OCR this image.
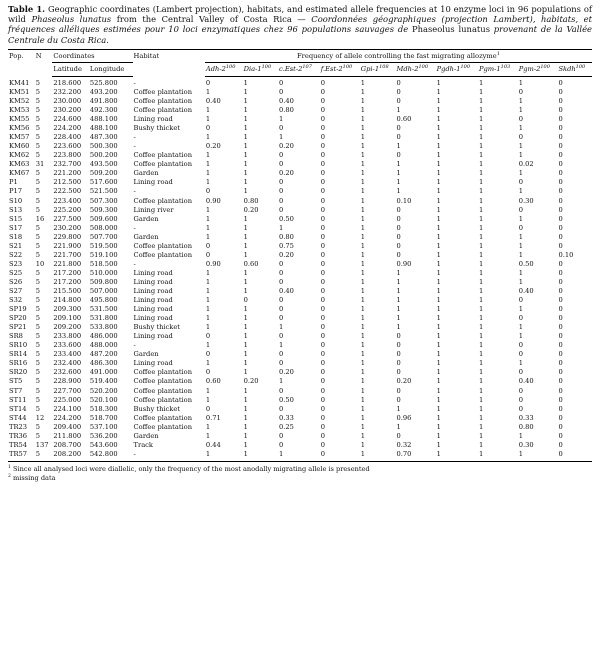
Table 1. Geographic coordinates (Lambert projection), habitats, and estimated allele frequencies at 10 enzyme loci in 96 populations of wild Phaseolus lunatus from the Central Valley of Costa Rica — Coordonnées géographiques (projection Lambert), habitats, et fréquences alléliques estimées pour 10 loci enzymatiques chez 96 populations sauvages de Phaseolus lunatus provenant de la Vallée Centrale du Costa Rica.

Pop.	N	Coordinates		Habitat	Frequency of allele controlling the fast migrating allozyme$^1$
		Latitude	Longitude		Adh-$2^{100}$	Dia-$1^{100}$	$c.Est-2^{107}$	$f.Est-2^{100}$	Gpi-$1^{108}$	Mdh-$2^{100}$	Pgdh-$1^{100}$	Pgm-$1^{103}$	Pgm-$2^{100}$	Skdh$^{100}$
KM41	5	218.600	525.800	-	0	1	0	0	1	0	1	1	1	0
KM51	5	232.200	493.200	Coffee plantation	1	1	0	0	1	0	1	1	0	0
KM52	5	230.000	491.800	Coffee plantation	0.40	1	0.40	0	1	0	1	1	1	0
KM53	5	230.200	492.300	Coffee plantation	1	1	0.80	0	1	1	1	1	1	0
KM55	5	224.600	488.100	Lining road	1	1	1	0	1	0.60	1	1	0	0
KM56	5	224.200	488.100	Bushy thicket	0	1	0	0	1	0	1	1	1	0
KM57	5	228.400	487.300	-	1	1	1	0	1	0	1	1	0	0
KM60	5	223.600	500.300	-	0.20	1	0.20	0	1	1	1	1	1	0
KM62	5	223.800	500.200	Coffee plantation	1	1	0	0	1	0	1	1	1	0
KM63	31	232.700	493.500	Coffee plantation	1	1	0	0	1	1	1	1	0.02	0
KM67	5	221.200	509.200	Garden	1	1	0.20	0	1	1	1	1	1	0
P1	5	212.500	517.600	Lining road	1	1	0	0	1	1	1	1	0	0
P17	5	222.500	521.500	-	0	1	0	0	1	1	1	1	1	0
S10	5	223.400	507.300	Coffee plantation	0.90	0.80	0	0	1	0.10	1	1	0.30	0
S13	5	225.200	509.300	Lining river	1	0.20	0	0	1	0	1	1	0	0
S15	16	227.500	509.600	Garden	1	1	0.50	0	1	0	1	1	1	0
S17	5	230.200	508.000	-	1	1	1	0	1	0	1	1	0	0
S18	5	229.800	507.700	Garden	1	1	0.80	0	1	0	1	1	1	0
S21	5	221.900	519.500	Coffee plantation	0	1	0.75	0	1	0	1	1	1	0
S22	5	221.700	519.100	Coffee plantation	0	1	0.20	0	1	0	1	1	1	0.10
S23	10	221.800	518.500	-	0.90	0.60	0	0	1	0.90	1	1	0.50	0
S25	5	217.200	510.000	Lining road	1	1	0	0	1	1	1	1	1	0
S26	5	217.200	509.800	Lining road	1	1	0	0	1	1	1	1	1	0
S27	5	215.500	507.000	Lining road	1	1	0.40	0	1	1	1	1	0.40	0
S32	5	214.800	495.800	Lining road	1	0	0	0	1	1	1	1	0	0
SP19	5	209.300	531.500	Lining road	1	1	0	0	1	1	1	1	1	0
SP20	5	209.100	531.800	Lining road	1	1	0	0	1	1	1	1	0	0
SP21	5	209.200	533.800	Bushy thicket	1	1	1	0	1	1	1	1	1	0
SR8	5	233.800	486.000	Lining road	0	1	0	0	1	0	1	1	1	0
SR10	5	233.600	488.000	-	1	1	1	0	1	0	1	1	0	0
SR14	5	233.400	487.200	Garden	0	1	0	0	1	0	1	1	0	0
SR16	5	232.400	486.300	Lining road	1	1	0	0	1	0	1	1	1	0
SR20	5	232.600	491.000	Coffee plantation	0	1	0.20	0	1	0	1	1	0	0
ST5	5	228.900	519.400	Coffee plantation	0.60	0.20	1	0	1	0.20	1	1	0.40	0
ST7	5	227.700	520.200	Coffee plantation	1	1	0	0	1	0	1	1	0	0
ST11	5	225.000	520.100	Coffee plantation	1	1	0.50	0	1	0	1	1	0	0
ST14	5	224.100	518.300	Bushy thicket	0	1	0	0	1	1	1	1	0	0
ST44	12	224.200	518.700	Coffee plantation	0.71	1	0.33	0	1	0.96	1	1	0.33	0
TR23	5	209.400	537.100	Coffee plantation	1	1	0.25	0	1	1	1	1	0.80	0
TR36	5	211.800	536.200	Garden	1	1	0	0	1	0	1	1	1	0
TR54	137	208.700	543.600	Track	0.44	1	0	0	1	0.32	1	1	0.30	0
TR57	5	208.200	542.800	-	1	1	1	0	1	0.70	1	1	1	0
$^1$ Since all analysed loci were diallelic, only the frequency of the most anodally migrating allele is presented
$^2$ missing data
